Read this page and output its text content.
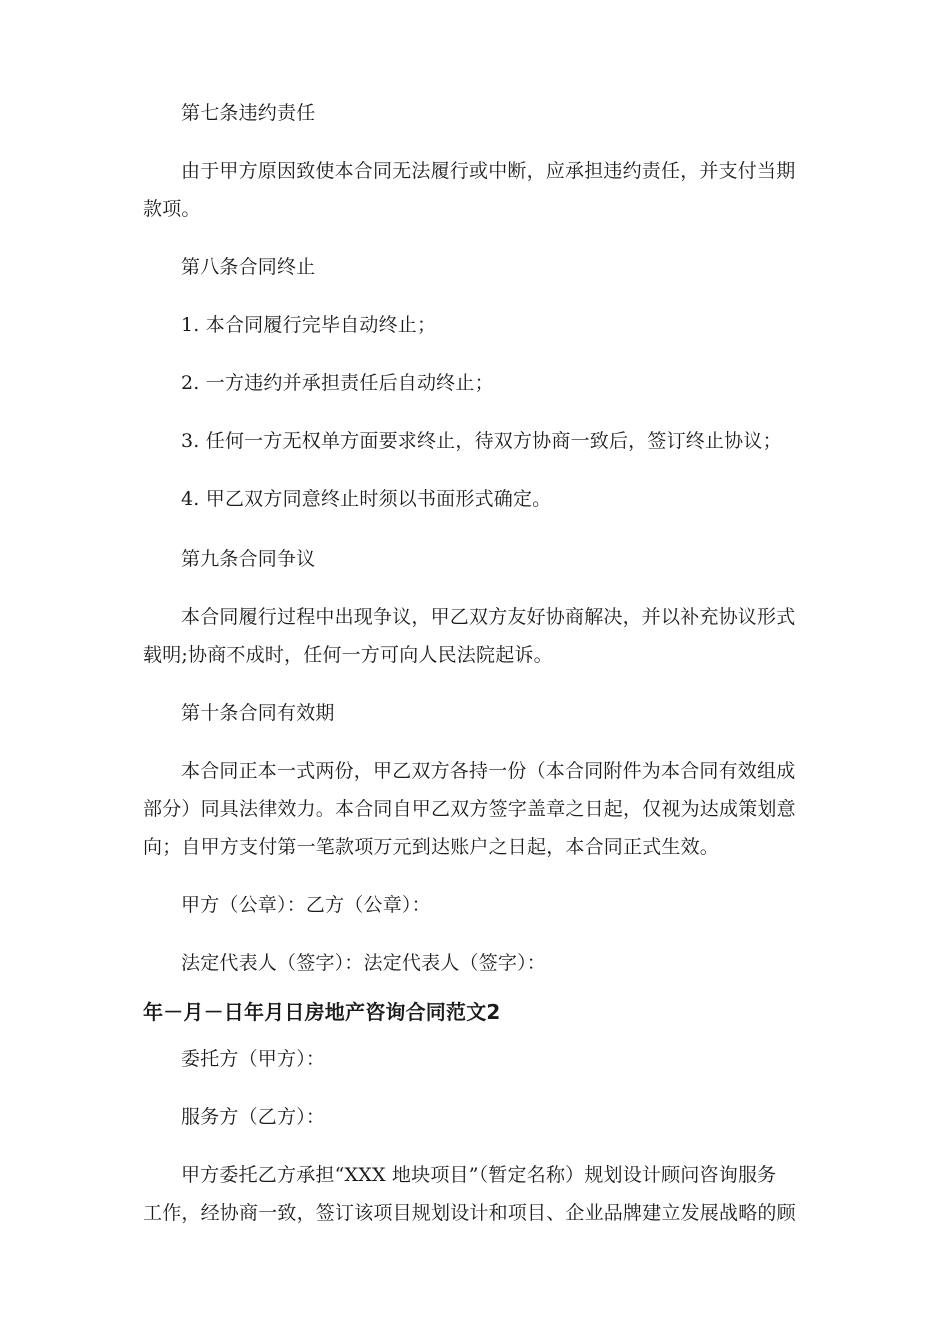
第七条违约责任
由于甲方原因致使本合同无法履行或中断，应承担违约责任，并支付当期
款项。
第八条合同终止
1. 本合同履行完毕自动终止；
2. 一方违约并承担责任后自动终止；
3. 任何一方无权单方面要求终止，待双方协商一致后，签订终止协议；
4. 甲乙双方同意终止时须以书面形式确定。
第九条合同争议
本合同履行过程中出现争议，甲乙双方友好协商解决，并以补充协议形式
载明;协商不成时，任何一方可向人民法院起诉。
第十条合同有效期
本合同正本一式两份，甲乙双方各持一份（本合同附件为本合同有效组成
部分）同具法律效力。本合同自甲乙双方签字盖章之日起，仅视为达成策划意
向；自甲方支付第一笔款项万元到达账户之日起，本合同正式生效。
甲方（公章）：乙方（公章）：
法定代表人（签字）：法定代表人（签字）：
年－月－日年月日房地产咨询合同范文2
委托方（甲方）：
服务方（乙方）：
甲方委托乙方承担“XXX 地块项目”（暂定名称）规划设计顾问咨询服务
工作，经协商一致，签订该项目规划设计和项目、企业品牌建立发展战略的顾
